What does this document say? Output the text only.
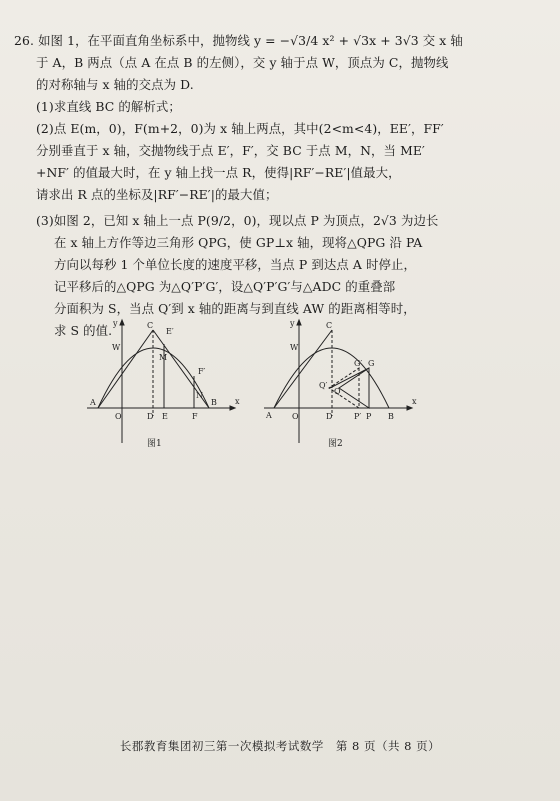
26. 如图 1，在平面直角坐标系中，抛物线 y = −√3/4 x² + √3x + 3√3 交 x 轴
于 A，B 两点（点 A 在点 B 的左侧），交 y 轴于点 W，顶点为 C，抛物线
的对称轴与 x 轴的交点为 D.
(1)求直线 BC 的解析式；
(2)点 E(m，0)，F(m+2，0)为 x 轴上两点，其中(2<m<4)，EE′，FF′
分别垂直于 x 轴，交抛物线于点 E′，F′，交 BC 于点 M，N，当 ME′
+NF′ 的值最大时，在 y 轴上找一点 R，使得|RF′−RE′|值最大，
请求出 R 点的坐标及|RF′−RE′|的最大值；
(3)如图 2，已知 x 轴上一点 P(9/2，0)，现以点 P 为顶点，2√3 为边长
在 x 轴上方作等边三角形 QPG，使 GP⊥x 轴，现将△QPG 沿 PA
方向以每秒 1 个单位长度的速度平移，当点 P 到达点 A 时停止，
记平移后的△QPG 为△Q′P′G′，设△Q′P′G′与△ADC 的重叠部
分面积为 S，当点 Q′到 x 轴的距离与到直线 AW 的距离相等时，
求 S 的值. y
x
C
E′
W
M
F′
N
A
O	D E	F
B
图1
y
x
C
W
G′ G
Q′
Q
A	O	D	P′ P B
图2
长郡教育集团初三第一次模拟考试数学　第 8 页（共 8 页）
